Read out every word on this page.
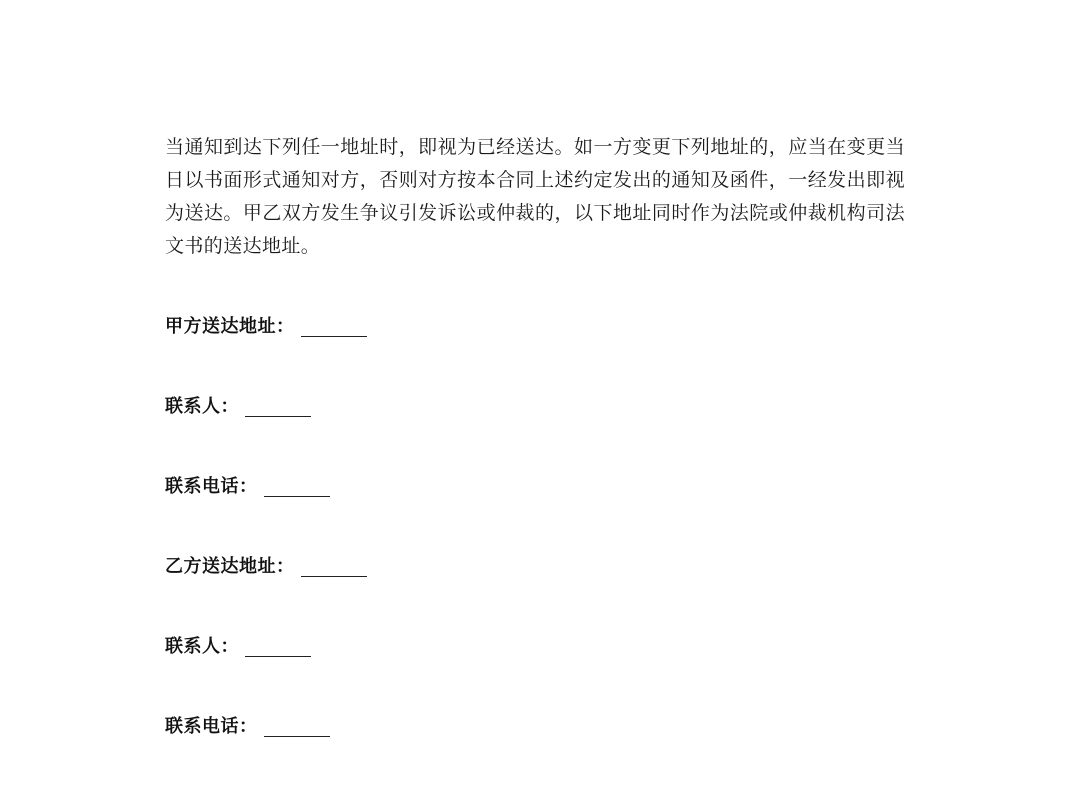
当通知到达下列任一地址时，即视为已经送达。如一方变更下列地址的，应当在变更当日以书面形式通知对方，否则对方按本合同上述约定发出的通知及函件，一经发出即视为送达。甲乙双方发生争议引发诉讼或仲裁的，以下地址同时作为法院或仲裁机构司法文书的送达地址。

甲方送达地址：
联系人：
联系电话：
乙方送达地址：
联系人：
联系电话：
